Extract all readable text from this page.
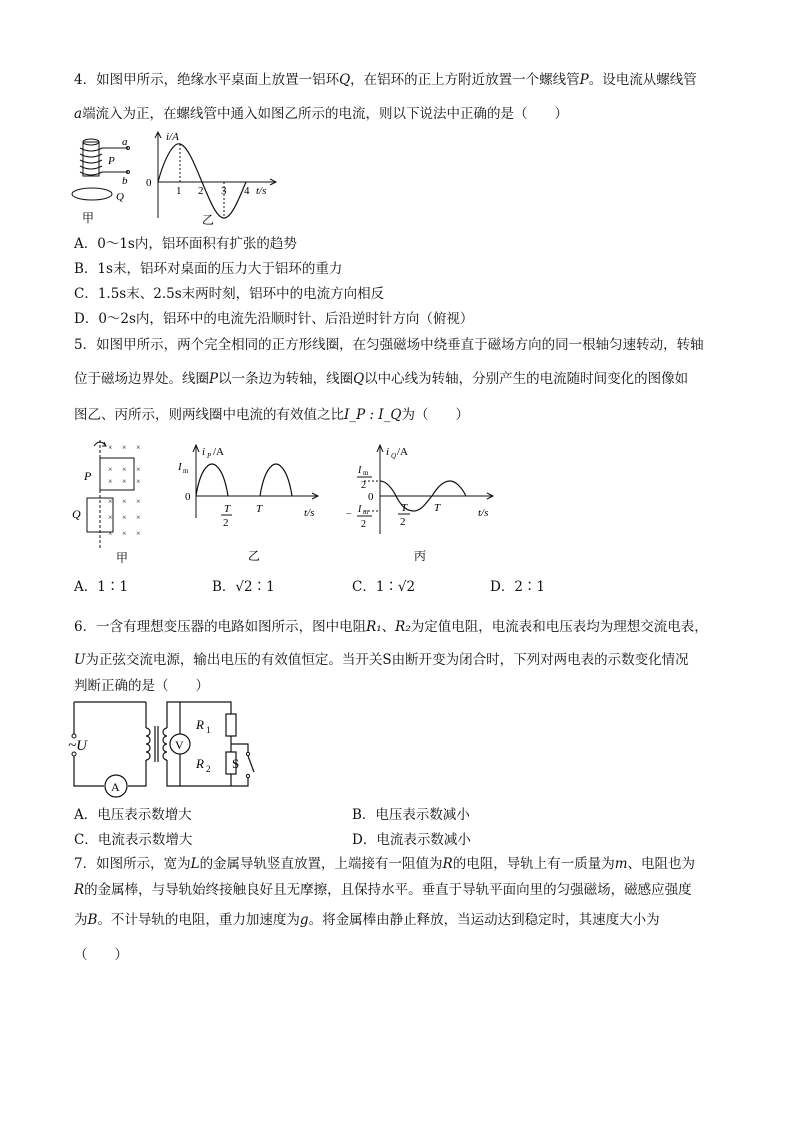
4．如图甲所示，绝缘水平桌面上放置一铝环Q，在铝环的正上方附近放置一个螺线管P。设电流从螺线管
a端流入为正，在螺线管中通入如图乙所示的电流，则以下说法中正确的是（　　）
a
P
b
Q
甲
i/A
0
1 2 3 4 t/s
乙
A．0～1s内，铝环面积有扩张的趋势
B．1s末，铝环对桌面的压力大于铝环的重力
C．1.5s末、2.5s末两时刻，铝环中的电流方向相反
D．0～2s内，铝环中的电流先沿顺时针、后沿逆时针方向（俯视）
5．如图甲所示，两个完全相同的正方形线圈，在匀强磁场中绕垂直于磁场方向的同一根轴匀速转动，转轴
位于磁场边界处。线圈P以一条边为转轴，线圈Q以中心线为转轴，分别产生的电流随时间变化的图像如
图乙、丙所示，则两线圈中电流的有效值之比I_P : I_Q为（　　）
× × ×
× × ×
× × ×
× × ×
× × ×
× × ×
P
Q
甲
i P /A
I m
0
T
2
T	t/s
乙
i Q /A
I m
2
0
− I m
2
T
2
T	t/s
丙
A．1∶1	B．√2∶1	C．1∶√2	D．2∶1
6．一含有理想变压器的电路如图所示，图中电阻R₁、R₂为定值电阻，电流表和电压表均为理想交流电表，
U为正弦交流电源，输出电压的有效值恒定。当开关S由断开变为闭合时，下列对两电表的示数变化情况
判断正确的是（　　）
V
A
~U
R 1
R 2 S
A．电压表示数增大	B．电压表示数减小
C．电流表示数增大	D．电流表示数减小
7．如图所示，宽为L的金属导轨竖直放置，上端接有一阻值为R的电阻，导轨上有一质量为m、电阻也为
R的金属棒，与导轨始终接触良好且无摩擦，且保持水平。垂直于导轨平面向里的匀强磁场，磁感应强度
为B。不计导轨的电阻，重力加速度为g。将金属棒由静止释放，当运动达到稳定时，其速度大小为
（　　）
